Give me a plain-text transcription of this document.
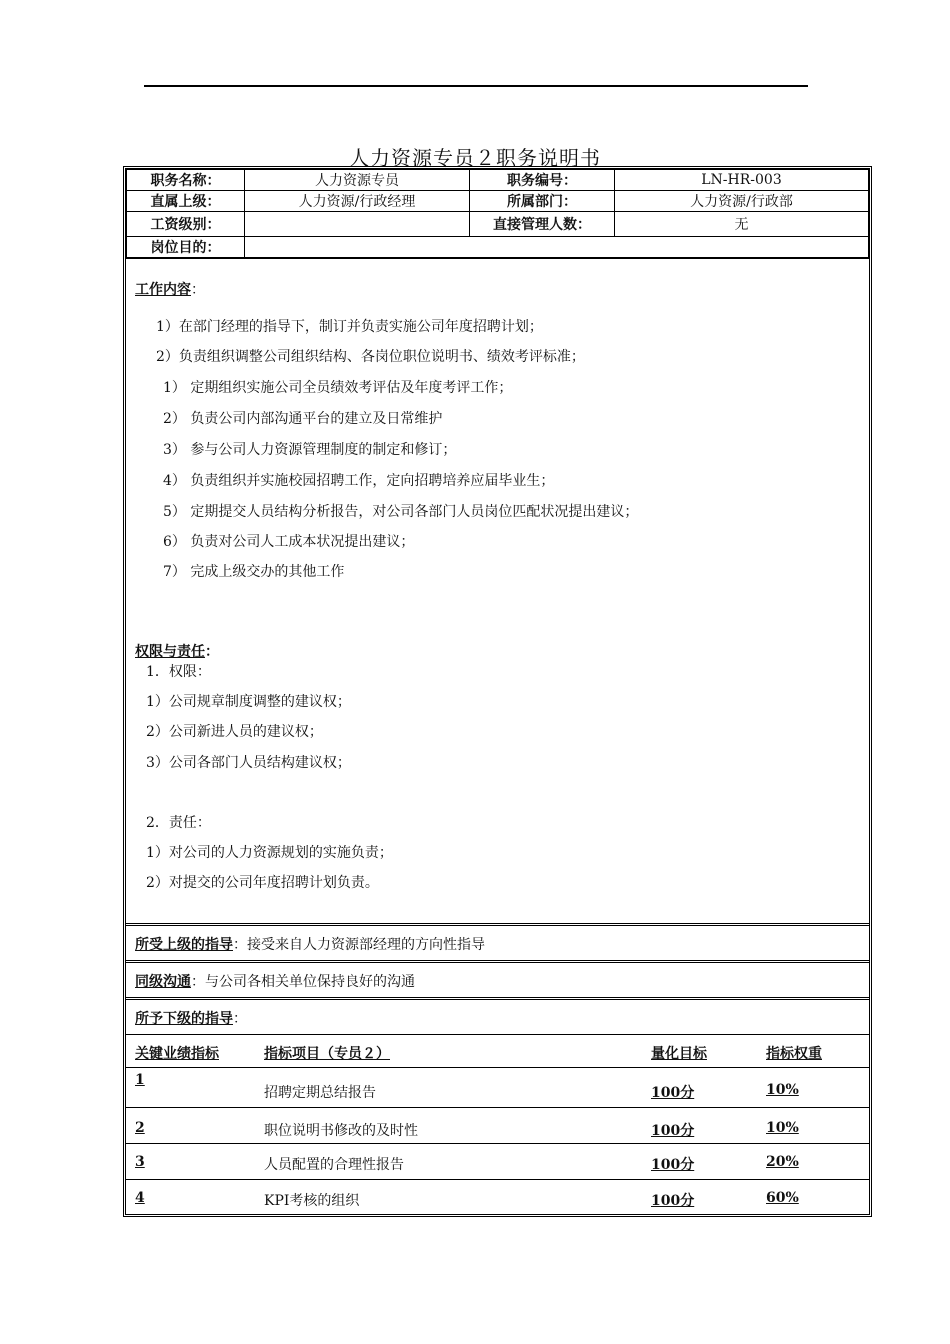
人力资源专员２职务说明书
职务名称：	人力资源专员	职务编号：	LN-HR-003
直属上级：	人力资源/行政经理	所属部门：	人力资源/行政部
工资级别：		直接管理人数：	无
岗位目的：			
工作内容：
1）在部门经理的指导下，制订并负责实施公司年度招聘计划；
2）负责组织调整公司组织结构、各岗位职位说明书、绩效考评标准；
1） 定期组织实施公司全员绩效考评估及年度考评工作；
2） 负责公司内部沟通平台的建立及日常维护
3） 参与公司人力资源管理制度的制定和修订；
4） 负责组织并实施校园招聘工作，定向招聘培养应届毕业生；
5） 定期提交人员结构分析报告，对公司各部门人员岗位匹配状况提出建议；
6） 负责对公司人工成本状况提出建议；
7） 完成上级交办的其他工作
权限与责任：
1．权限：
1）公司规章制度调整的建议权；
2）公司新进人员的建议权；
3）公司各部门人员结构建议权；
2．责任：
1）对公司的人力资源规划的实施负责；
2）对提交的公司年度招聘计划负责。
所受上级的指导：接受来自人力资源部经理的方向性指导
同级沟通：与公司各相关单位保持良好的沟通
所予下级的指导：
关键业绩指标	指标项目（专员２）	量化目标	指标权重
1	招聘定期总结报告	100分	10%
2	职位说明书修改的及时性	100分	10%
3	人员配置的合理性报告	100分	20%
4	KPI考核的组织	100分	60%
